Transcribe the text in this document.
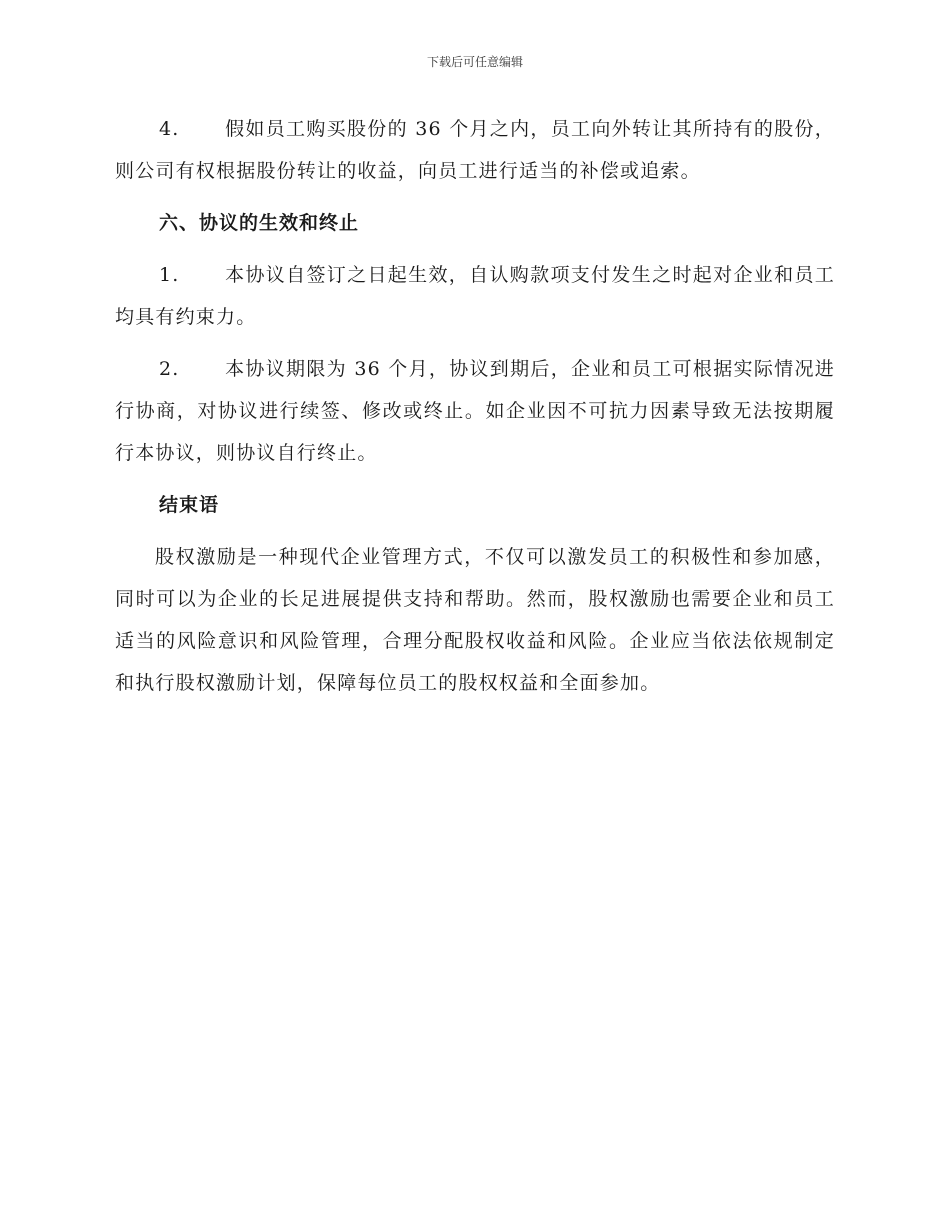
下载后可任意编辑

4. 假如员工购买股份的 36 个月之内，员工向外转让其所持有的股份，则公司有权根据股份转让的收益，向员工进行适当的补偿或追索。

六、协议的生效和终止

1. 本协议自签订之日起生效，自认购款项支付发生之时起对企业和员工均具有约束力。

2. 本协议期限为 36 个月，协议到期后，企业和员工可根据实际情况进行协商，对协议进行续签、修改或终止。如企业因不可抗力因素导致无法按期履行本协议，则协议自行终止。

结束语

股权激励是一种现代企业管理方式，不仅可以激发员工的积极性和参加感，同时可以为企业的长足进展提供支持和帮助。然而，股权激励也需要企业和员工适当的风险意识和风险管理，合理分配股权收益和风险。企业应当依法依规制定和执行股权激励计划，保障每位员工的股权权益和全面参加。
